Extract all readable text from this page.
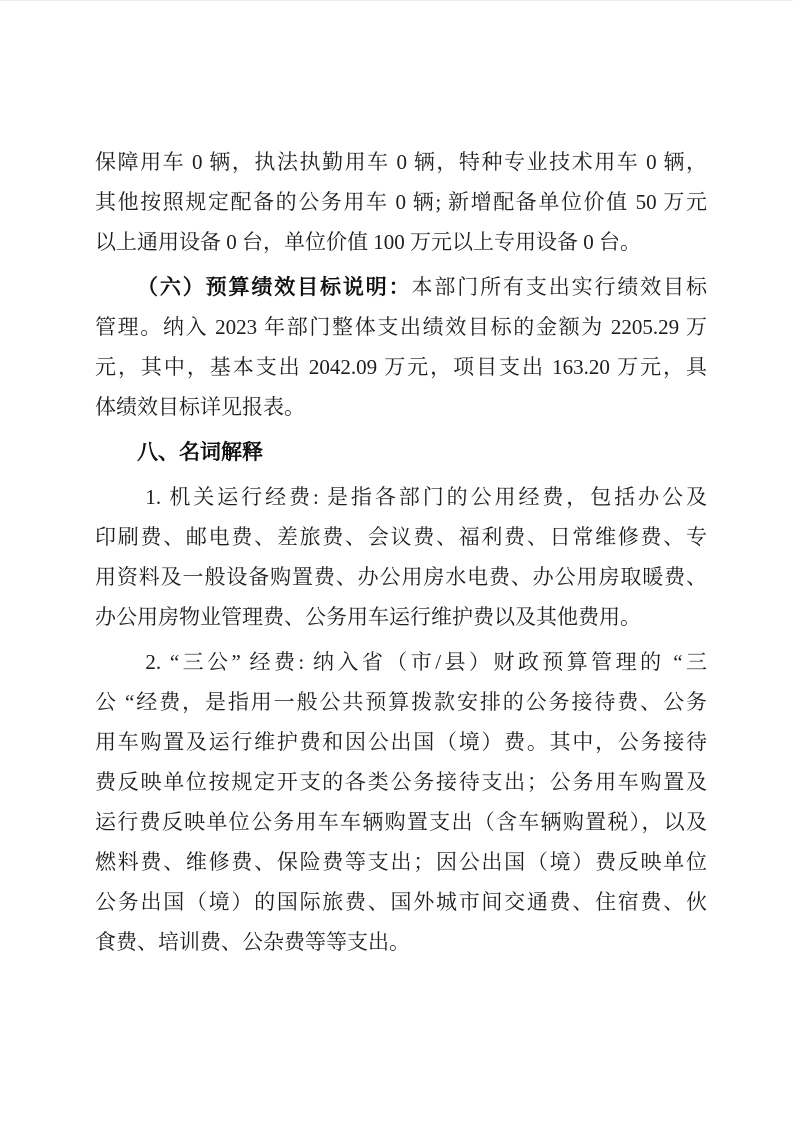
保障用车 0 辆，执法执勤用车 0 辆，特种专业技术用车 0 辆，
其他按照规定配备的公务用车 0 辆; 新增配备单位价值 50 万元
以上通用设备 0 台，单位价值 100 万元以上专用设备 0 台。
（六）预算绩效目标说明：本部门所有支出实行绩效目标
管理。纳入 2023 年部门整体支出绩效目标的金额为 2205.29 万
元，其中，基本支出 2042.09 万元，项目支出 163.20 万元，具
体绩效目标详见报表。
八、名词解释
1. 机关运行经费: 是指各部门的公用经费，包括办公及
印刷费、邮电费、差旅费、会议费、福利费、日常维修费、专
用资料及一般设备购置费、办公用房水电费、办公用房取暖费、
办公用房物业管理费、公务用车运行维护费以及其他费用。
2. “三公” 经费: 纳入省（市/县）财政预算管理的 “三
公 “经费，是指用一般公共预算拨款安排的公务接待费、公务
用车购置及运行维护费和因公出国（境）费。其中，公务接待
费反映单位按规定开支的各类公务接待支出；公务用车购置及
运行费反映单位公务用车车辆购置支出（含车辆购置税），以及
燃料费、维修费、保险费等支出；因公出国（境）费反映单位
公务出国（境）的国际旅费、国外城市间交通费、住宿费、伙
食费、培训费、公杂费等等支出。
